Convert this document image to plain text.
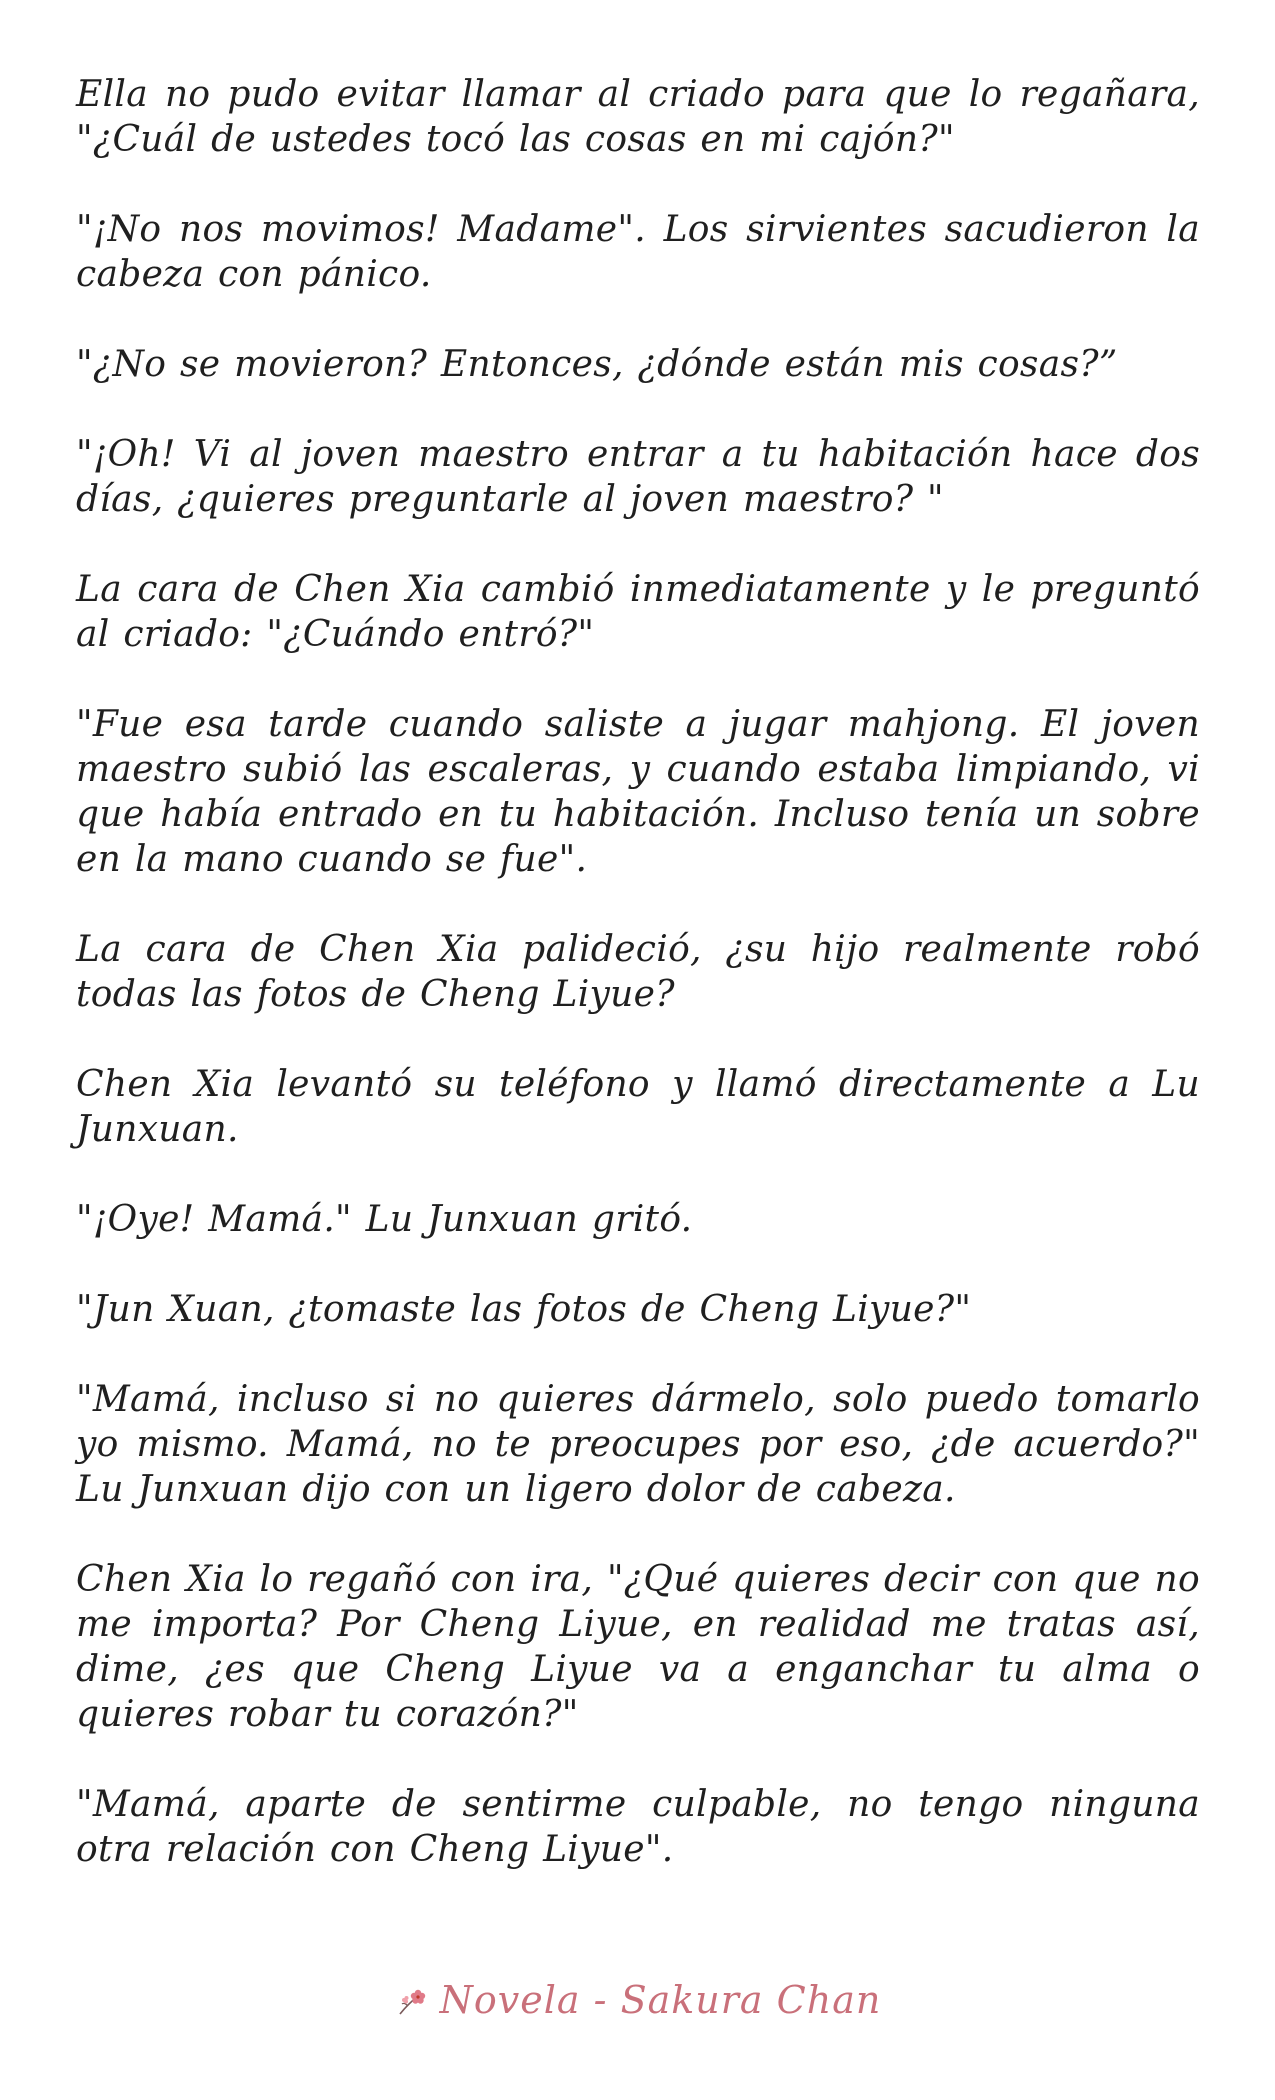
Ella no pudo evitar llamar al criado para que lo regañara, "¿Cuál de ustedes tocó las cosas en mi cajón?"

"¡No nos movimos! Madame". Los sirvientes sacudieron la cabeza con pánico.

"¿No se movieron? Entonces, ¿dónde están mis cosas?”

"¡Oh! Vi al joven maestro entrar a tu habitación hace dos días, ¿quieres preguntarle al joven maestro? "

La cara de Chen Xia cambió inmediatamente y le preguntó al criado: "¿Cuándo entró?"

"Fue esa tarde cuando saliste a jugar mahjong. El joven maestro subió las escaleras, y cuando estaba limpiando, vi que había entrado en tu habitación. Incluso tenía un sobre en la mano cuando se fue".

La cara de Chen Xia palideció, ¿su hijo realmente robó todas las fotos de Cheng Liyue?

Chen Xia levantó su teléfono y llamó directamente a Lu Junxuan.

"¡Oye! Mamá." Lu Junxuan gritó.

"Jun Xuan, ¿tomaste las fotos de Cheng Liyue?"

"Mamá, incluso si no quieres dármelo, solo puedo tomarlo yo mismo. Mamá, no te preocupes por eso, ¿de acuerdo?" Lu Junxuan dijo con un ligero dolor de cabeza.

Chen Xia lo regañó con ira, "¿Qué quieres decir con que no me importa? Por Cheng Liyue, en realidad me tratas así, dime, ¿es que Cheng Liyue va a enganchar tu alma o quieres robar tu corazón?"

"Mamá, aparte de sentirme culpable, no tengo ninguna otra relación con Cheng Liyue".

Novela - Sakura Chan
